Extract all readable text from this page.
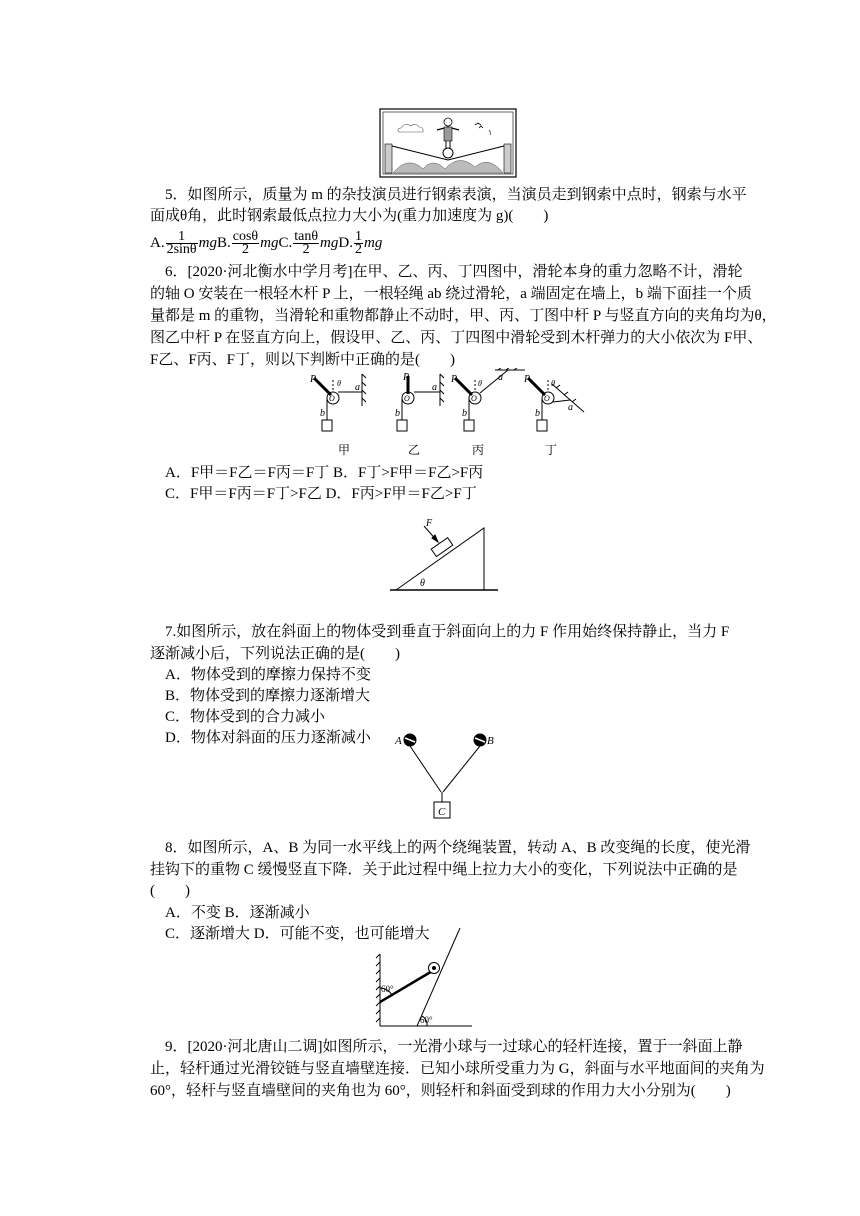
5．如图所示，质量为 m 的杂技演员进行钢索表演，当演员走到钢索中点时，钢索与水平
面成θ角，此时钢索最低点拉力大小为(重力加速度为 g)(　　)
A. $\frac{1}{2\sin\theta}$ mgB. $\frac{\cos\theta}{2}$ mgC. $\frac{\tan\theta}{2}$ mgD. $\frac{1}{2}$ mg
6．[2020·河北衡水中学月考]在甲、乙、丙、丁四图中，滑轮本身的重力忽略不计，滑轮
的轴 O 安装在一根轻木杆 P 上，一根轻绳 ab 绕过滑轮，a 端固定在墙上，b 端下面挂一个质
量都是 m 的重物，当滑轮和重物都静止不动时，甲、丙、丁图中杆 P 与竖直方向的夹角均为θ，
图乙中杆 P 在竖直方向上，假设甲、乙、丙、丁四图中滑轮受到木杆弹力的大小依次为 F甲、
F乙、F丙、F丁，则以下判断中正确的是(　　)
P
a
O
b
θ
P
a
O
b
P	a
O
b
θ	P
a
O
b
θ
甲	乙	丙	丁
A．F甲＝F乙＝F丙＝F丁 B．F丁>F甲＝F乙>F丙
C．F甲＝F丙＝F丁>F乙 D．F丙>F甲＝F乙>F丁
F
θ
7.如图所示，放在斜面上的物体受到垂直于斜面向上的力 F 作用始终保持静止，当力 F
逐渐减小后，下列说法正确的是(　　)
A．物体受到的摩擦力保持不变
B．物体受到的摩擦力逐渐增大
C．物体受到的合力减小
D．物体对斜面的压力逐渐减小 A	B
C
8．如图所示，A、B 为同一水平线上的两个绕绳装置，转动 A、B 改变绳的长度，使光滑
挂钩下的重物 C 缓慢竖直下降．关于此过程中绳上拉力大小的变化，下列说法中正确的是
(　　)
A．不变 B．逐渐减小
C．逐渐增大 D．可能不变，也可能增大
60°
60°
9．[2020·河北唐山二调]如图所示，一光滑小球与一过球心的轻杆连接，置于一斜面上静
止，轻杆通过光滑铰链与竖直墙壁连接．已知小球所受重力为 G，斜面与水平地面间的夹角为
60°，轻杆与竖直墙壁间的夹角也为 60°，则轻杆和斜面受到球的作用力大小分别为(　　)
